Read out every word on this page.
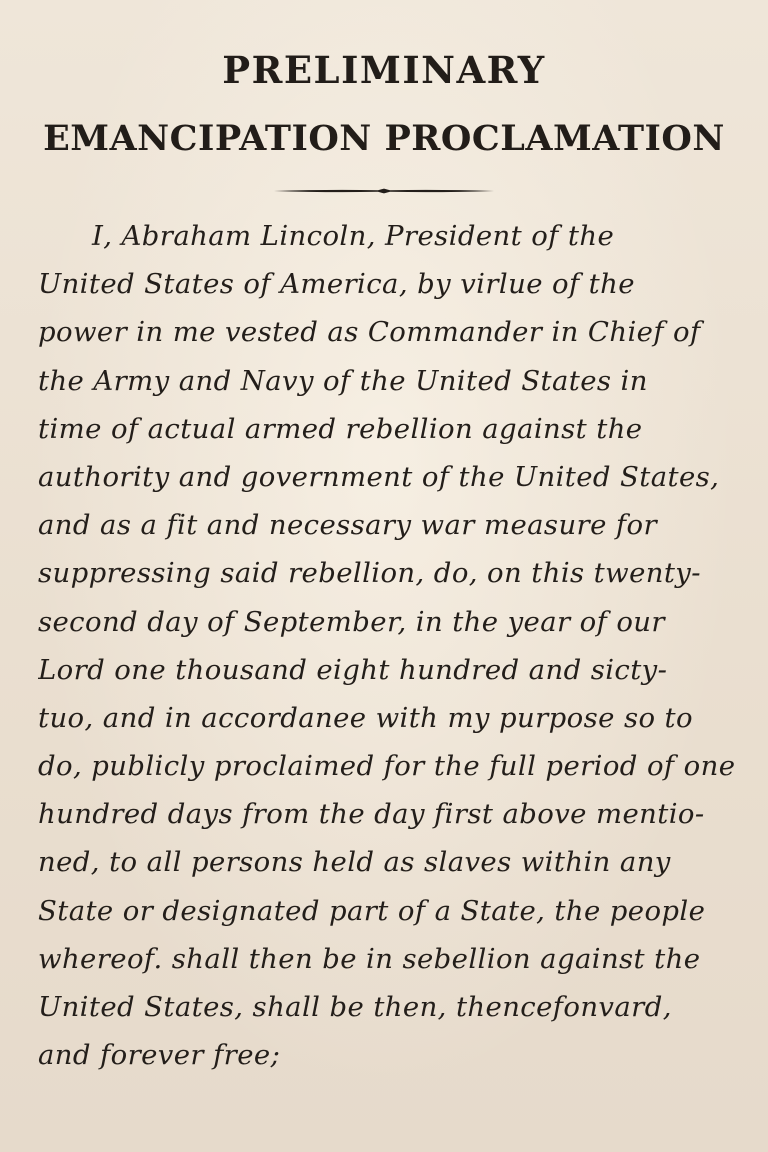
PRELIMINARY
EMANCIPATION PROCLAMATION
I, Abraham Lincoln, President of the
United States of America, by virlue of the
power in me vested as Commander in Chief of
the Army and Navy of the United States in
time of actual armed rebellion against the
authority and government of the United States,
and as a fit and necessary war measure for
suppressing said rebellion, do, on this twenty-
second day of September, in the year of our
Lord one thousand eight hundred and sicty-
tuo, and in accordanee with my purpose so to
do, publicly proclaimed for the full period of one
hundred days from the day first above mentio-
ned, to all persons held as slaves within any
State or designated part of a State, the people
whereof. shall then be in sebellion against the
United States, shall be then, thencefonvard,
and forever free;
